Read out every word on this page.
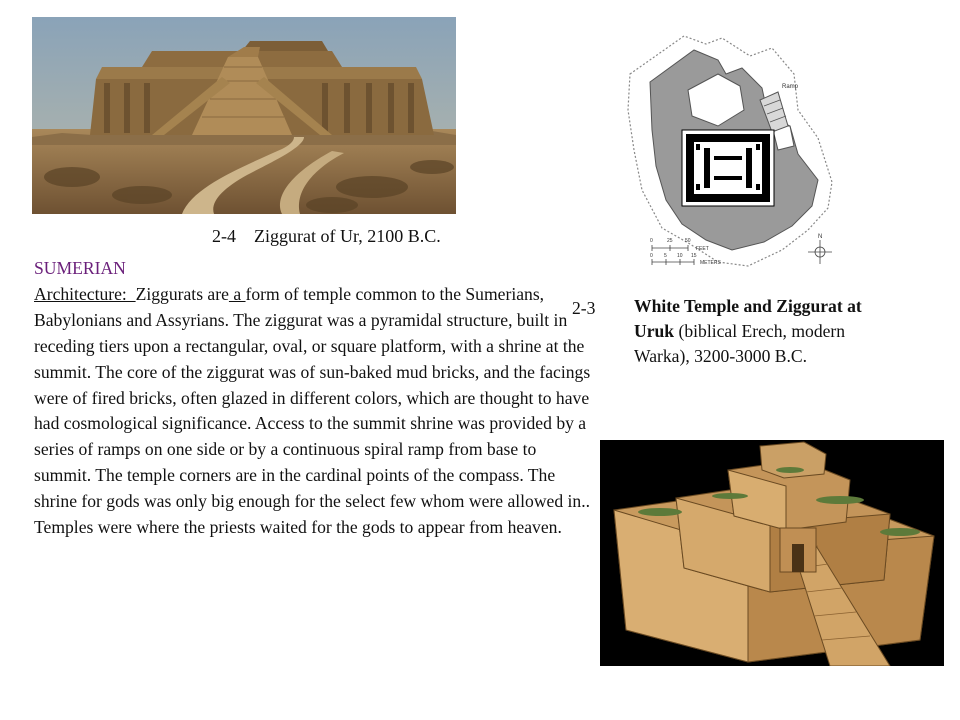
2-4 Ziggurat of Ur, 2100 B.C.
SUMERIAN
Architecture:  Ziggurats are a form of temple common to the Sumerians, Babylonians and Assyrians. The ziggurat was a pyramidal structure, built in receding tiers upon a rectangular, oval, or square platform, with a shrine at the summit. The core of the ziggurat was of sun-baked mud bricks, and the facings were of fired bricks, often glazed in different colors, which are thought to have had cosmological significance. Access to the summit shrine was provided by a series of ramps on one side or by a continuous spiral ramp from base to summit. The temple corners are in the cardinal points of the compass. The shrine for gods was only big enough for the select few whom were allowed in.. Temples were where the priests waited for the gods to appear from heaven.
Ramp
0	25 50
FEET
0 5 10 15
METERS
N
2-3 White Temple and Ziggurat at Uruk (biblical Erech, modern Warka), 3200-3000 B.C.
